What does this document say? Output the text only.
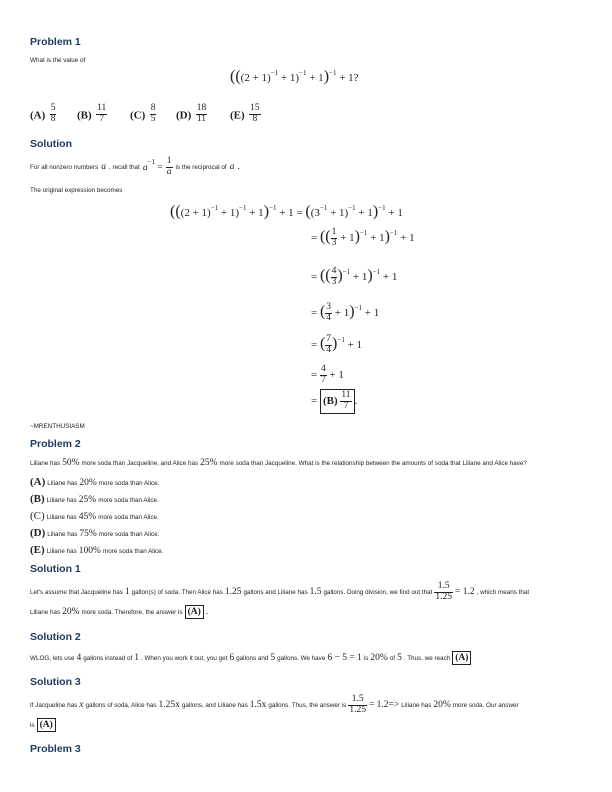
Problem 1
What is the value of
$(((2 + 1)^{-1} + 1)^{-1} + 1)^{-1} + 1$?
$(A) \frac{5}{8} (B) \frac{11}{7} (C) \frac{8}{5} (D) \frac{18}{11} (E) \frac{15}{8}$
Solution
For all nonzero numbers a , recall that $a^{-1} = \frac{1}{a}$ is the reciprocal of a .
The original expression becomes
$(((2 + 1)^{-1} + 1)^{-1} + 1)^{-1} + 1 = ((3^{-1} + 1)^{-1} + 1)^{-1} + 1$
= (( $\frac{1}{3} + 1)^{-1} + 1)^{-1} + 1$
= (( $\frac{4}{3} )^{-1} + 1)^{-1} + 1$
= ( $\frac{3}{4} + 1)^{-1} + 1$
= ( $\frac{7}{4} )^{-1} + 1$
= $\frac{4}{7} + 1$
= $(B) \frac{11}{7}$ .
~MRENTHUSIASM
Problem 2
Liliane has 50% more soda than Jacqueline, and Alice has 25% more soda than Jacqueline. What is the relationship between the amounts of soda that Liliane and Alice have?
(A) Liliane has 20% more soda than Alice.
(B) Liliane has 25% more soda than Alice.
(C) Liliane has 45% more soda than Alice.
(D) Liliane has 75% more soda than Alice.
(E) Liliane has 100% more soda than Alice.
Solution 1
Let's assume that Jacqueline has 1 gallon(s) of soda. Then Alice has 1.25 gallons and Liliane has 1.5 gallons. Doing division, we find out that $\frac{1.5}{1.25} = 1.2$ , which means that
Liliane has 20% more soda. Therefore, the answer is (A) .
Solution 2
WLOG, lets use 4 gallons instead of 1 . When you work it out, you get 6 gallons and 5 gallons. We have 6 − 5 = 1 is 20% of 5 . Thus, we reach (A)
Solution 3
If Jacqueline has x gallons of soda, Alice has 1.25x gallons, and Liliane has 1.5x gallons. Thus, the answer is $\frac{1.5}{1.25} = 1.2=>$ Liliane has 20% more soda. Our answer
is (A)
Problem 3
